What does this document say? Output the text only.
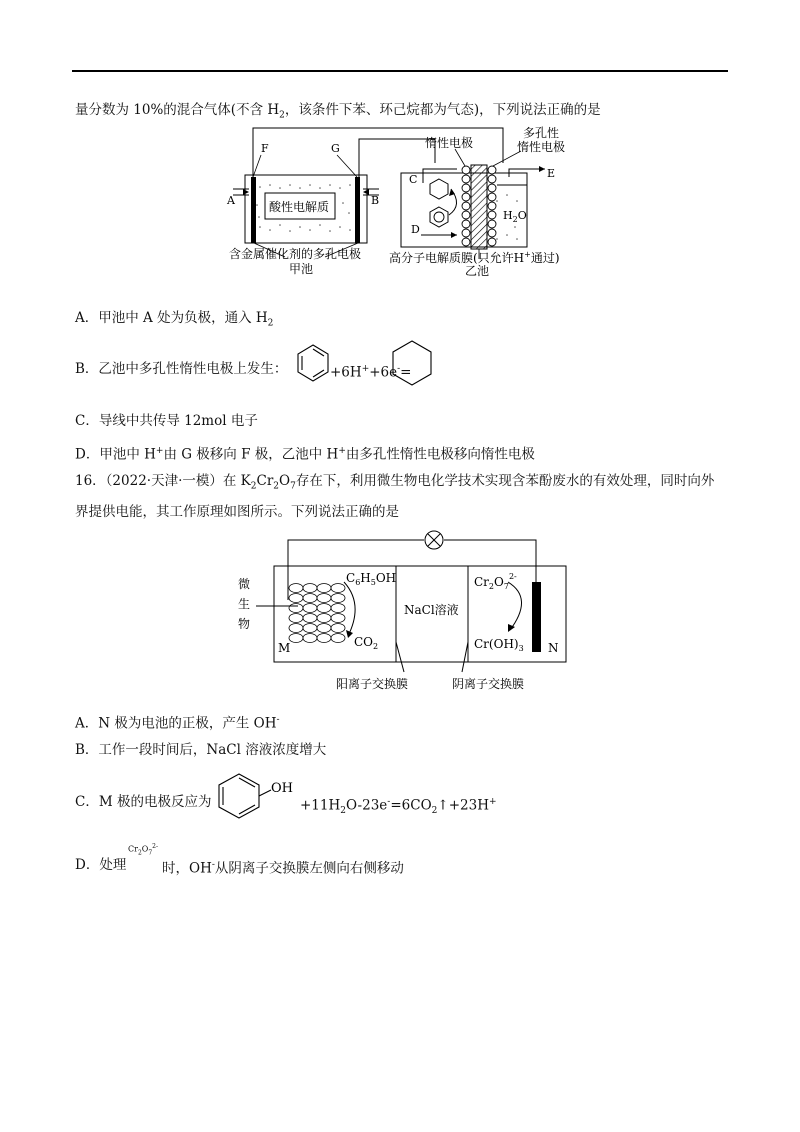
量分数为 10%的混合气体(不含 $H_2$，该条件下苯、环己烷都为气态)，下列说法正确的是
F	G
A	B
C
D
E
酸性电解质
惰性电极
多孔性
惰性电极
$H_2O$
含金属催化剂的多孔电极
甲池
高分子电解质膜(只允许H+通过)
乙池
A．甲池中 A 处为负极，通入 $H_2$
B．乙池中多孔性惰性电极上发生：	+6H++6e-=
C．导线中共传导 12mol 电子
D．甲池中 H+由 G 极移向 F 极，乙池中 H+由多孔性惰性电极移向惰性电极
16．（2022·天津·一模）在 $K_2Cr_2O_7$存在下，利用微生物电化学技术实现含苯酚废水的有效处理，同时向外
界提供电能，其工作原理如图所示。下列说法正确的是
微
生
物
$C_6H_5OH$
$CO_2$
M	N
NaCl溶液
$Cr_2O_7^{2-}$
$Cr(OH)_3$
阳离子交换膜	阴离子交换膜
A．N 极为电池的正极，产生 OH-
B．工作一段时间后，NaCl 溶液浓度增大
C．M 极的电极反应为
OH
$+11H_2O-23e^-=6CO_2↑+23H^+$
D．处理
$Cr_2O_7^{2-}$
时，OH-从阴离子交换膜左侧向右侧移动
